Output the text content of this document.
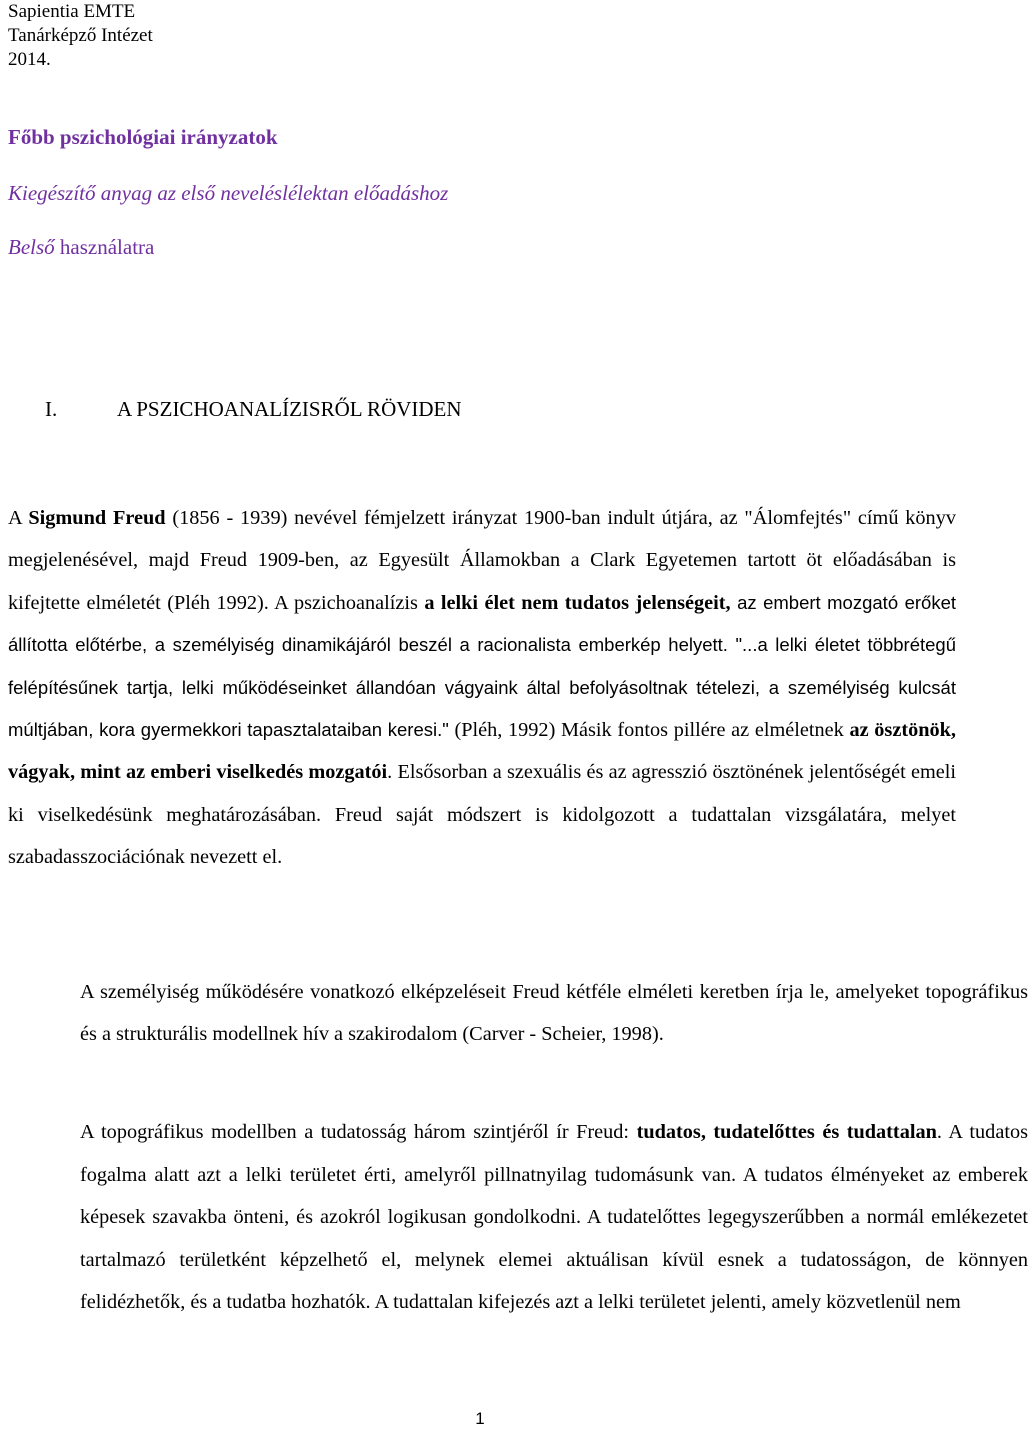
Sapientia EMTE
Tanárképző Intézet
2014.
Főbb pszichológiai irányzatok
Kiegészítő anyag az első neveléslélektan előadáshoz
Belső használatra
I.	A PSZICHOANALÍZISRŐL RÖVIDEN
A Sigmund Freud (1856 - 1939) nevével fémjelzett irányzat 1900-ban indult útjára, az "Álomfejtés" című könyv megjelenésével, majd Freud 1909-ben, az Egyesült Államokban a Clark Egyetemen tartott öt előadásában is kifejtette elméletét (Pléh 1992). A pszichoanalízis a lelki élet nem tudatos jelenségeit, az embert mozgató erőket állította előtérbe, a személyiség dinamikájáról beszél a racionalista emberkép helyett. "...a lelki életet többrétegű felépítésűnek tartja, lelki működéseinket állandóan vágyaink által befolyásoltnak tételezi, a személyiség kulcsát múltjában, kora gyermekkori tapasztalataiban keresi." (Pléh, 1992) Másik fontos pillére az elméletnek az ösztönök, vágyak, mint az emberi viselkedés mozgatói. Elsősorban a szexuális és az agresszió ösztönének jelentőségét emeli ki viselkedésünk meghatározásában. Freud saját módszert is kidolgozott a tudattalan vizsgálatára, melyet szabadasszociációnak nevezett el.
A személyiség működésére vonatkozó elképzeléseit Freud kétféle elméleti keretben írja le, amelyeket topográfikus és a strukturális modellnek hív a szakirodalom (Carver - Scheier, 1998).
A topográfikus modellben a tudatosság három szintjéről ír Freud: tudatos, tudatelőttes és tudattalan. A tudatos fogalma alatt azt a lelki területet érti, amelyről pillnatnyilag tudomásunk van. A tudatos élményeket az emberek képesek szavakba önteni, és azokról logikusan gondolkodni. A tudatelőttes legegyszerűbben a normál emlékezetet tartalmazó területként képzelhető el, melynek elemei aktuálisan kívül esnek a tudatosságon, de könnyen felidézhetők, és a tudatba hozhatók. A tudattalan kifejezés azt a lelki területet jelenti, amely közvetlenül nem
1
